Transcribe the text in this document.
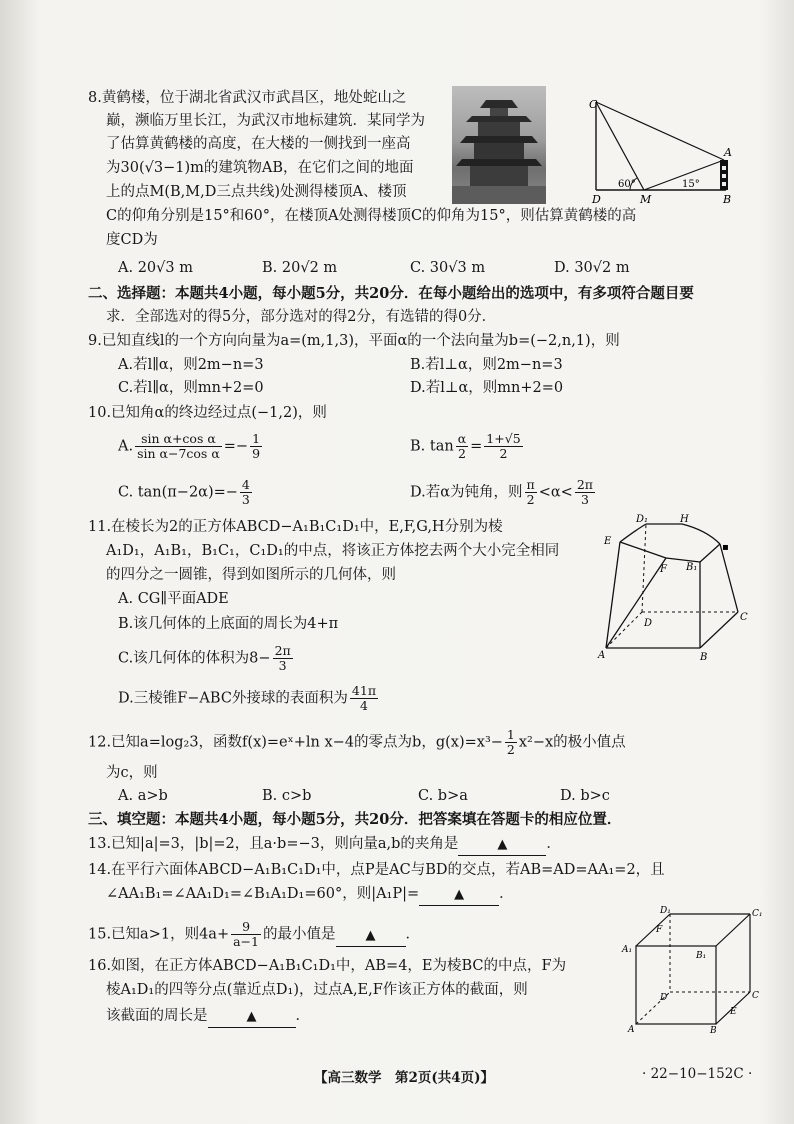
8.黄鹤楼，位于湖北省武汉市武昌区，地处蛇山之
巅，濒临万里长江，为武汉市地标建筑．某同学为
了估算黄鹤楼的高度，在大楼的一侧找到一座高
为30(√3−1)m的建筑物AB，在它们之间的地面
上的点M(B,M,D三点共线)处测得楼顶A、楼顶
C的仰角分别是15°和60°，在楼顶A处测得楼顶C的仰角为15°，则估算黄鹤楼的高
度CD为
C
A
D	M	B
60°	15°
A. 20√3 m	B. 20√2 m	C. 30√3 m	D. 30√2 m
二、选择题：本题共4小题，每小题5分，共20分．在每小题给出的选项中，有多项符合题目要
求．全部选对的得5分，部分选对的得2分，有选错的得0分．
9.已知直线l的一个方向向量为a=(m,1,3)，平面α的一个法向量为b=(−2,n,1)，则
A.若l∥α，则2m−n=3	B.若l⊥α，则2m−n=3
C.若l∥α，则mn+2=0	D.若l⊥α，则mn+2=0
10.已知角α的终边经过点(−1,2)，则
A. $\frac{\text{sin α+cos α}}{\text{sin α−7cos α}} =- \frac{1}{9}$	B. $\tan \frac{\alpha}{2} = \frac{1+√5}{2}$
C. $\tan(\pi-2\alpha)=- \frac{4}{3}$	D.若α为钝角，则 $\frac{\pi}{2} <\alpha< \frac{2\pi}{3}$
11.在棱长为2的正方体ABCD−A₁B₁C₁D₁中，E,F,G,H分别为棱
A₁D₁，A₁B₁，B₁C₁，C₁D₁的中点，将该正方体挖去两个大小完全相同
的四分之一圆锥，得到如图所示的几何体，则
A. CG∥平面ADE
B.该几何体的上底面的周长为4+π
C.该几何体的体积为$8- \frac{2\pi}{3}$
D.三棱锥F−ABC外接球的表面积为 $\frac{41\pi}{4}$
D₁	H
E
▪
F B₁
D
C
A	B
12.已知a=log₂3，函数f(x)=eˣ+ln x−4的零点为b，$g(x)=x^3- \frac{1}{2} x^2-x$的极小值点
为c，则
A. a>b	B. c>b	C. b>a	D. b>c
三、填空题：本题共4小题，每小题5分，共20分．把答案填在答题卡的相应位置．
13.已知|a|=3，|b|=2，且a·b=−3，则向量a,b的夹角是	▲	．
14.在平行六面体ABCD−A₁B₁C₁D₁中，点P是AC与BD的交点，若AB=AD=AA₁=2，且
∠AA₁B₁=∠AA₁D₁=∠B₁A₁D₁=60°，则|A₁P|=	▲ ．
15.已知a>1，则$4a+ \frac{9}{a-1}$ 的最小值是 ▲ ．
16.如图，在正方体ABCD−A₁B₁C₁D₁中，AB=4，E为棱BC的中点，F为
棱A₁D₁的四等分点(靠近点D₁)，过点A,E,F作该正方体的截面，则
该截面的周长是	▲	．
D₁	C₁
F
A₁
B₁
D	C
E
A	B
【高三数学　第2页(共4页)】	· 22−10−152C ·
